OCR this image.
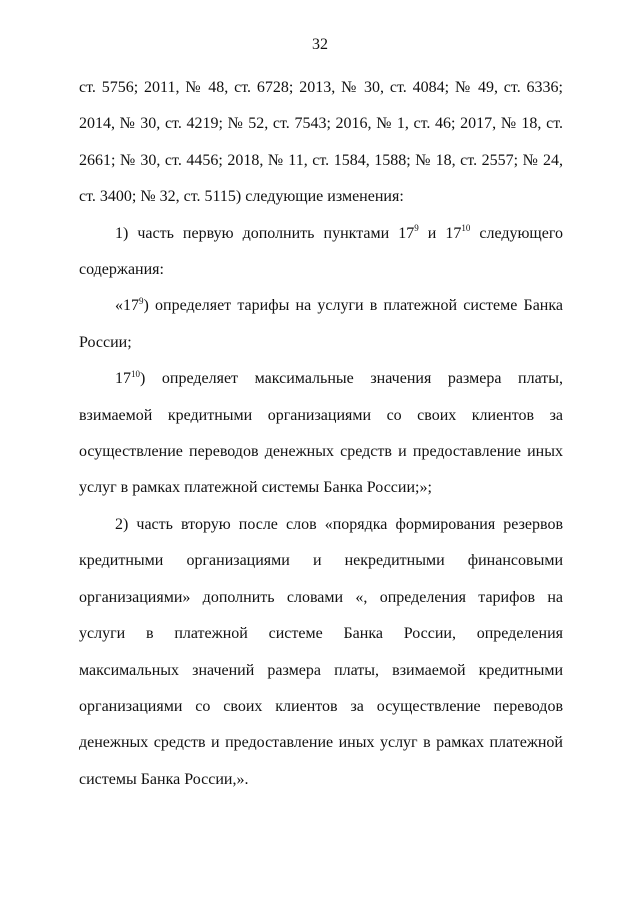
32

ст. 5756; 2011, № 48, ст. 6728; 2013, № 30, ст. 4084; № 49, ст. 6336; 2014, № 30, ст. 4219; № 52, ст. 7543; 2016, № 1, ст. 46; 2017, № 18, ст. 2661; № 30, ст. 4456; 2018, № 11, ст. 1584, 1588; № 18, ст. 2557; № 24, ст. 3400; № 32, ст. 5115) следующие изменения:

1) часть первую дополнить пунктами $17^9$ и $17^{10}$ следующего содержания:

«$17^9$) определяет тарифы на услуги в платежной системе Банка России;

$17^{10}$) определяет максимальные значения размера платы, взимаемой кредитными организациями со своих клиентов за осуществление переводов денежных средств и предоставление иных услуг в рамках платежной системы Банка России;»;

2) часть вторую после слов «порядка формирования резервов кредитными организациями и некредитными финансовыми организациями» дополнить словами «, определения тарифов на услуги в платежной системе Банка России, определения максимальных значений размера платы, взимаемой кредитными организациями со своих клиентов за осуществление переводов денежных средств и предоставление иных услуг в рамках платежной системы Банка России,».
